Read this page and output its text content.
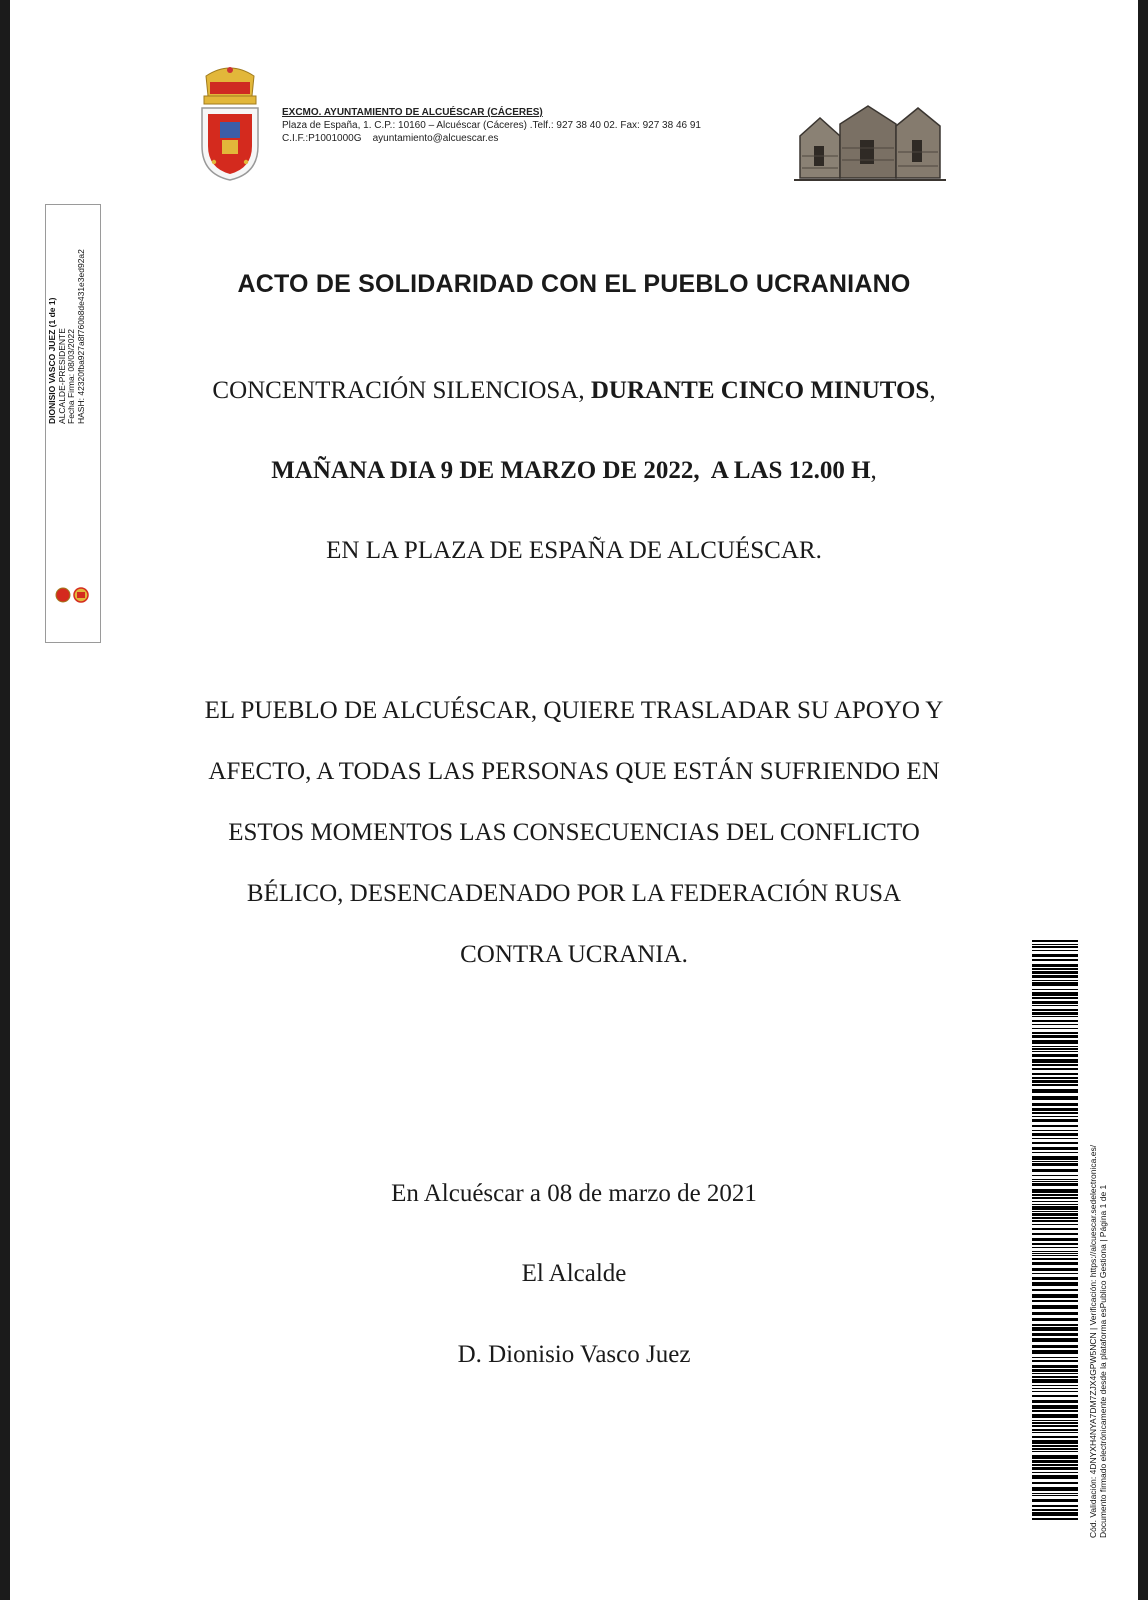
EXCMO. AYUNTAMIENTO DE ALCUÉSCAR (CÁCERES)
Plaza de España, 1. C.P.: 10160 – Alcuéscar (Cáceres) .Telf.: 927 38 40 02. Fax: 927 38 46 91
C.I.F.:P1001000G    ayuntamiento@alcuescar.es
DIONISIO VASCO JUEZ (1 de 1) ALCALDE-PRESIDENTE Fecha Firma: 08/03/2022 HASH: 42320fba927a8f760b8de431e3ed92a2	ACTO DE SOLIDARIDAD CON EL PUEBLO UCRANIANO
CONCENTRACIÓN SILENCIOSA, DURANTE CINCO MINUTOS,
MAÑANA DIA 9 DE MARZO DE 2022,  A LAS 12.00 H,
EN LA PLAZA DE ESPAÑA DE ALCUÉSCAR.
EL PUEBLO DE ALCUÉSCAR, QUIERE TRASLADAR SU APOYO Y
AFECTO, A TODAS LAS PERSONAS QUE ESTÁN SUFRIENDO EN
ESTOS MOMENTOS LAS CONSECUENCIAS DEL CONFLICTO
BÉLICO, DESENCADENADO POR LA FEDERACIÓN RUSA
CONTRA UCRANIA.
En Alcuéscar a 08 de marzo de 2021
El Alcalde
D. Dionisio Vasco Juez	Cód. Validación: 4DNYXH4NYA7DM7ZJX4GPW5NCN | Verificación: https://alcuescar.sedelectronica.es/ Documento firmado electrónicamente desde la plataforma esPublico Gestiona | Página 1 de 1
